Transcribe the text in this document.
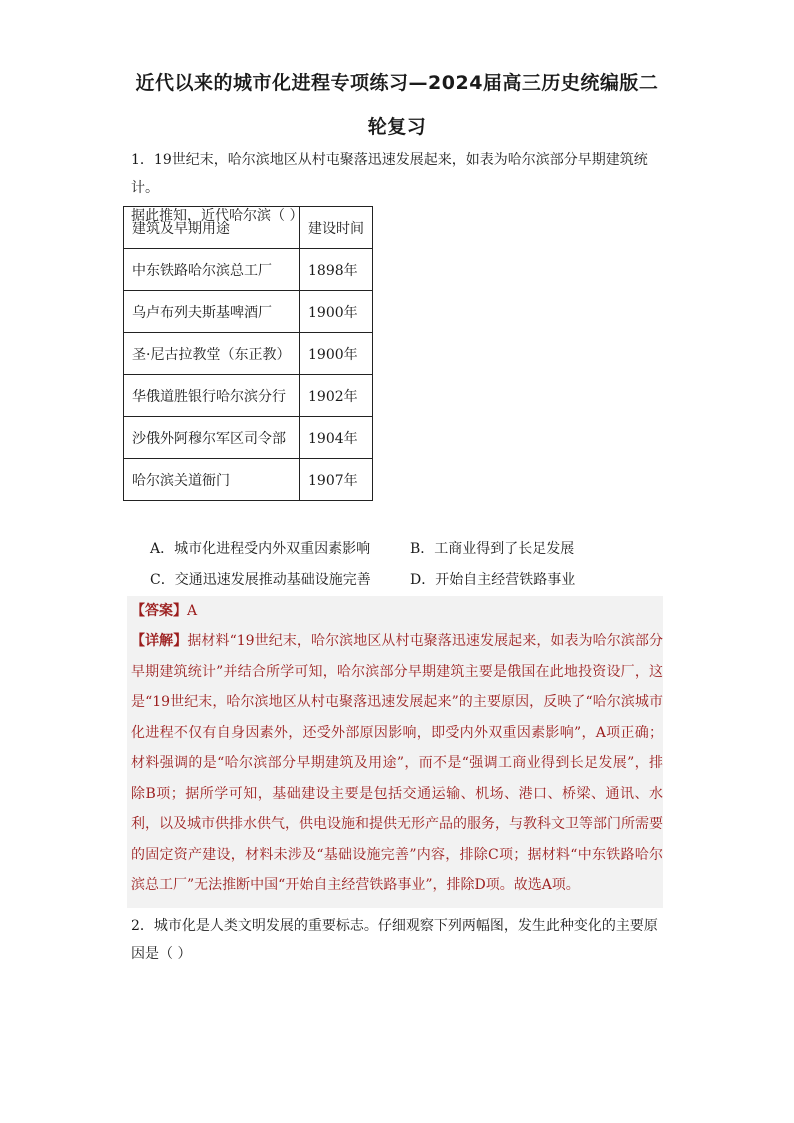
近代以来的城市化进程专项练习—2024届高三历史统编版二
轮复习
1．19世纪末，哈尔滨地区从村屯聚落迅速发展起来，如表为哈尔滨部分早期建筑统计。
据此推知，近代哈尔滨（ ）
建筑及早期用途	建设时间
中东铁路哈尔滨总工厂	1898年
乌卢布列夫斯基啤酒厂	1900年
圣·尼古拉教堂（东正教）	1900年
华俄道胜银行哈尔滨分行	1902年
沙俄外阿穆尔军区司令部	1904年
哈尔滨关道衙门	1907年
A．城市化进程受内外双重因素影响	B．工商业得到了长足发展
C．交通迅速发展推动基础设施完善	D．开始自主经营铁路事业
【答案】A
【详解】据材料“19世纪末，哈尔滨地区从村屯聚落迅速发展起来，如表为哈尔滨部分早期建筑统计”并结合所学可知，哈尔滨部分早期建筑主要是俄国在此地投资设厂，这是“19世纪末，哈尔滨地区从村屯聚落迅速发展起来”的主要原因，反映了“哈尔滨城市化进程不仅有自身因素外，还受外部原因影响，即受内外双重因素影响”，A项正确；材料强调的是“哈尔滨部分早期建筑及用途”，而不是“强调工商业得到长足发展”，排除B项；据所学可知，基础建设主要是包括交通运输、机场、港口、桥梁、通讯、水利，以及城市供排水供气，供电设施和提供无形产品的服务，与教科文卫等部门所需要的固定资产建设，材料未涉及“基础设施完善”内容，排除C项；据材料“中东铁路哈尔滨总工厂”无法推断中国“开始自主经营铁路事业”，排除D项。故选A项。
2．城市化是人类文明发展的重要标志。仔细观察下列两幅图，发生此种变化的主要原
因是（ ）
